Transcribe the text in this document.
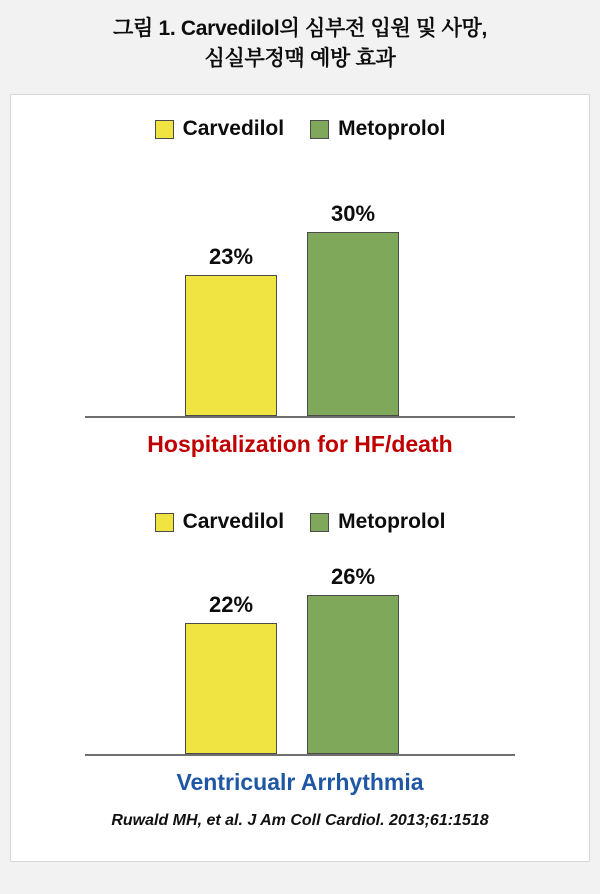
그림 1. Carvedilol의 심부전 입원 및 사망,
심실부정맥 예방 효과
Carvedilol	Metoprolol
23%
30%
Hospitalization for HF/death
Carvedilol	Metoprolol
22%
26%
Ventricualr Arrhythmia
Ruwald MH, et al. J Am Coll Cardiol. 2013;61:1518
